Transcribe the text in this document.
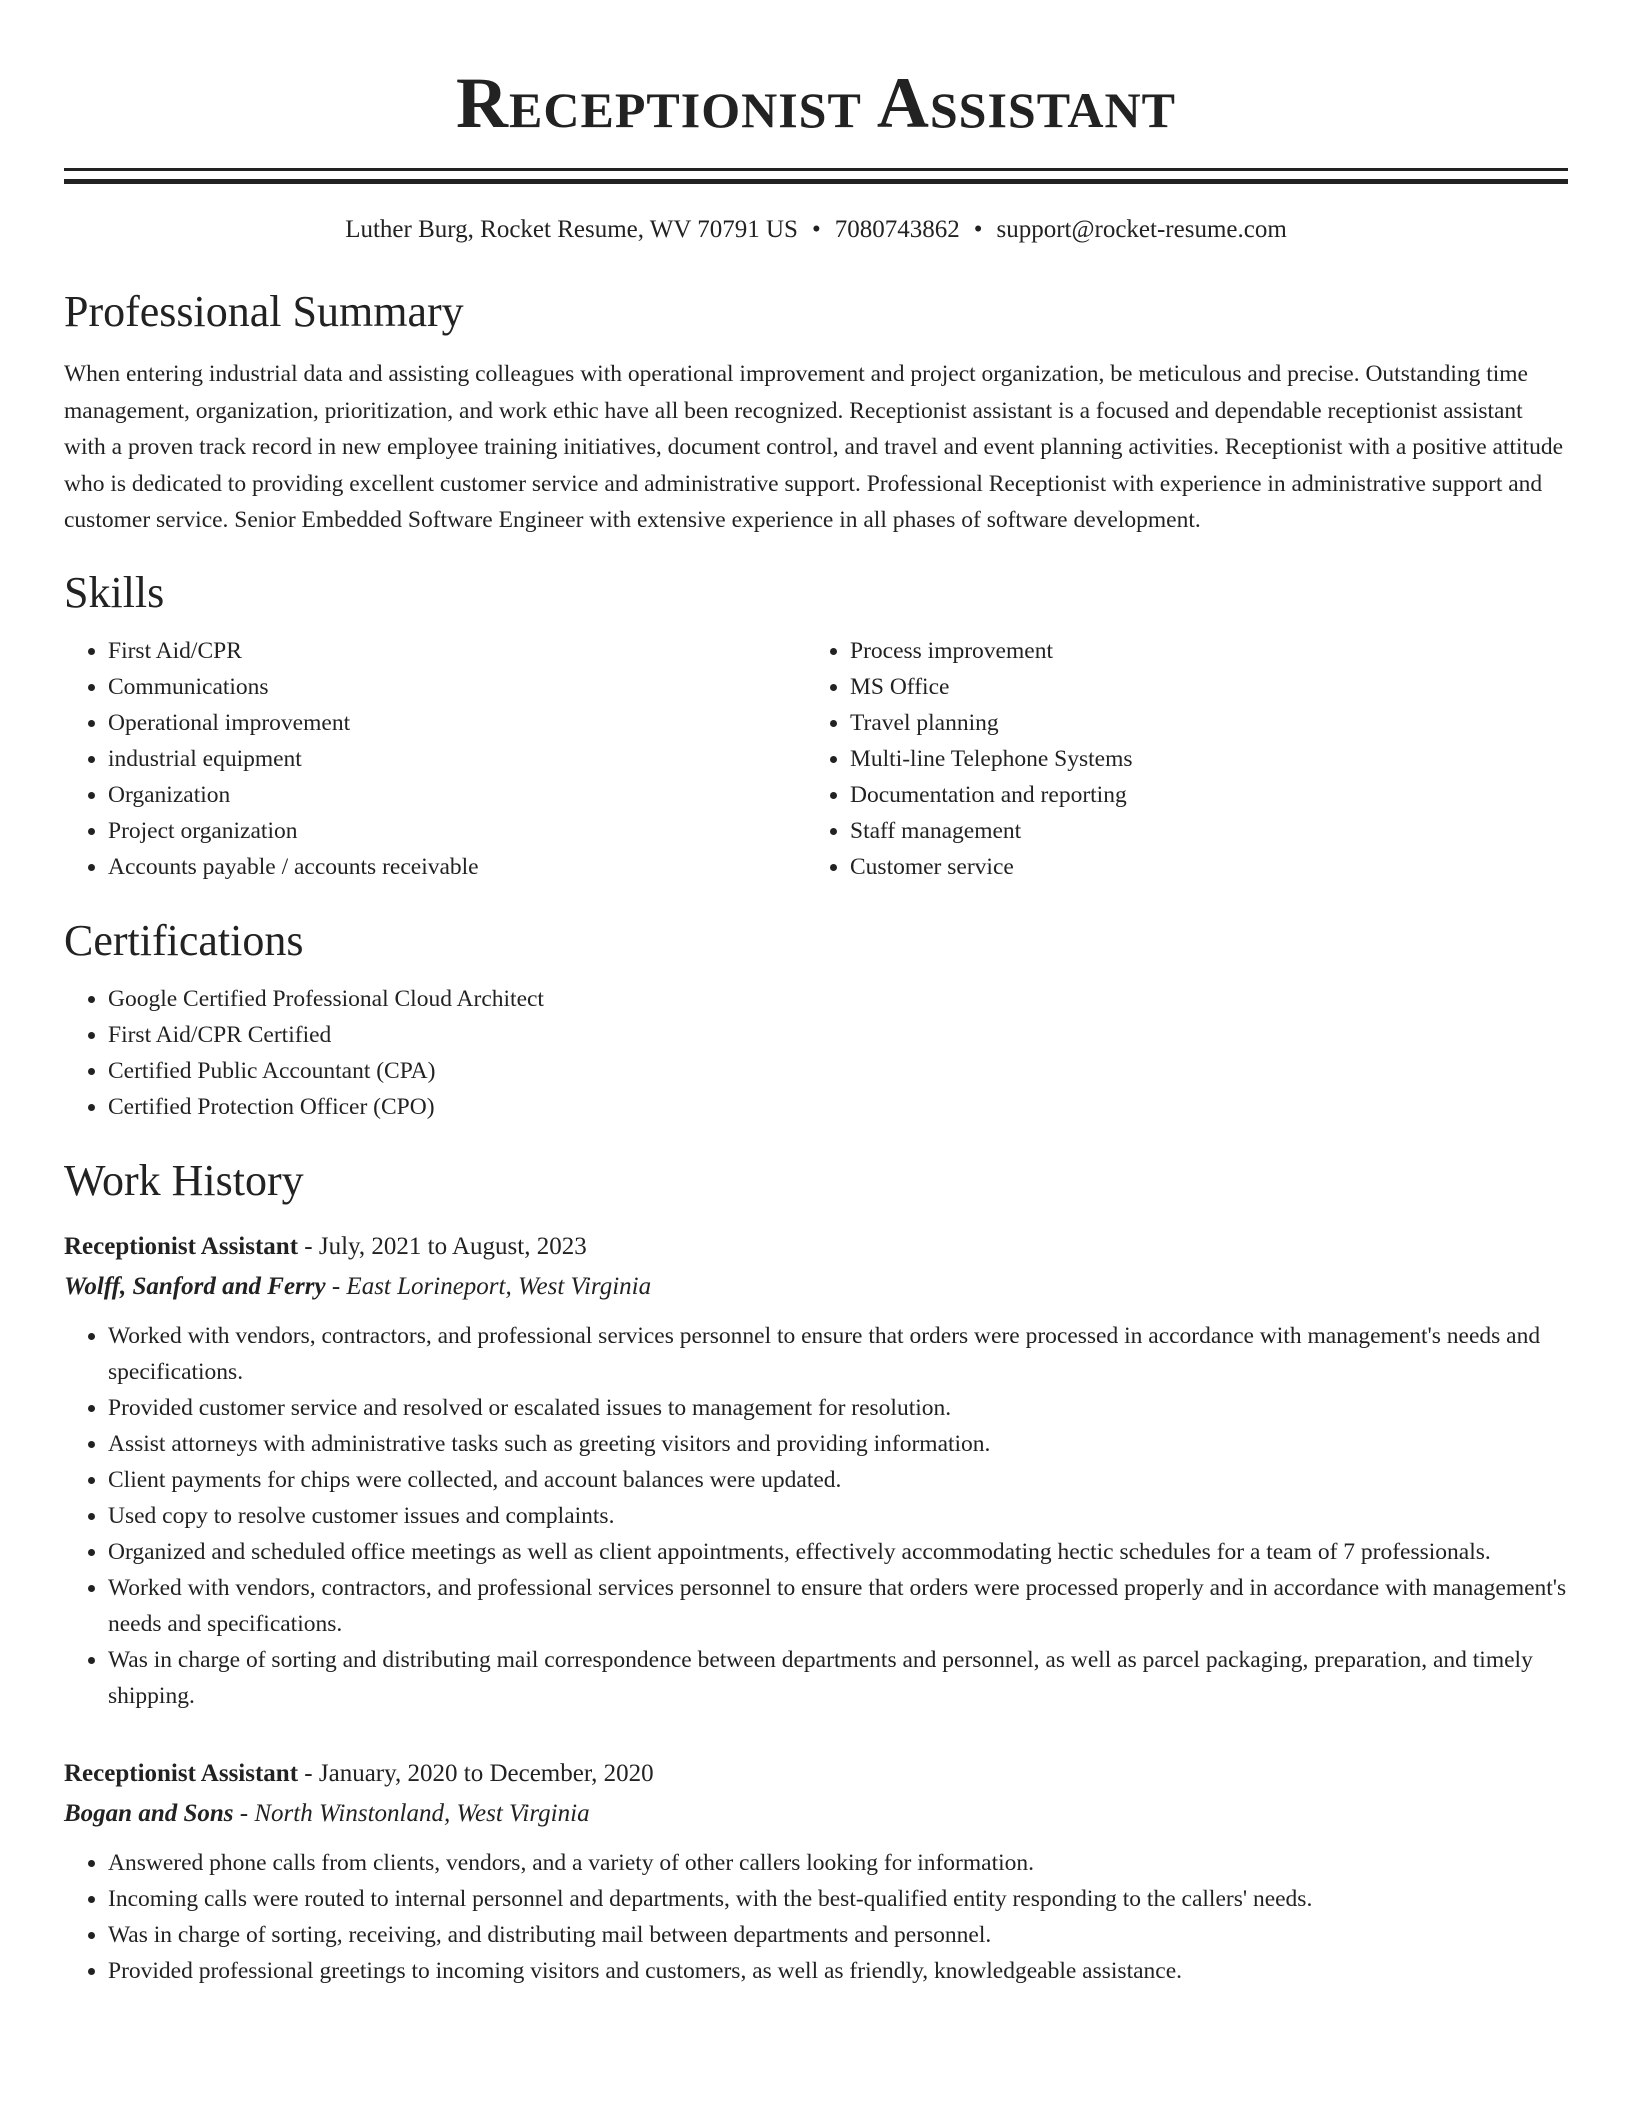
Receptionist Assistant
Luther Burg, Rocket Resume, WV 70791 US • 7080743862 • support@rocket-resume.com
Professional Summary

When entering industrial data and assisting colleagues with operational improvement and project organization, be meticulous and precise. Outstanding time management, organization, prioritization, and work ethic have all been recognized. Receptionist assistant is a focused and dependable receptionist assistant with a proven track record in new employee training initiatives, document control, and travel and event planning activities. Receptionist with a positive attitude who is dedicated to providing excellent customer service and administrative support. Professional Receptionist with experience in administrative support and customer service. Senior Embedded Software Engineer with extensive experience in all phases of software development.

Skills
• First Aid/CPR
• Communications
• Operational improvement
• industrial equipment
• Organization
• Project organization
• Accounts payable / accounts receivable
• Process improvement
• MS Office
• Travel planning
• Multi-line Telephone Systems
• Documentation and reporting
• Staff management
• Customer service
Certifications
• Google Certified Professional Cloud Architect
• First Aid/CPR Certified
• Certified Public Accountant (CPA)
• Certified Protection Officer (CPO)
Work History
Receptionist Assistant - July, 2021 to August, 2023
Wolff, Sanford and Ferry - East Lorineport, West Virginia
• Worked with vendors, contractors, and professional services personnel to ensure that orders were processed in accordance with management's needs and specifications.
• Provided customer service and resolved or escalated issues to management for resolution.
• Assist attorneys with administrative tasks such as greeting visitors and providing information.
• Client payments for chips were collected, and account balances were updated.
• Used copy to resolve customer issues and complaints.
• Organized and scheduled office meetings as well as client appointments, effectively accommodating hectic schedules for a team of 7 professionals.
• Worked with vendors, contractors, and professional services personnel to ensure that orders were processed properly and in accordance with management's needs and specifications.
• Was in charge of sorting and distributing mail correspondence between departments and personnel, as well as parcel packaging, preparation, and timely shipping.
Receptionist Assistant - January, 2020 to December, 2020
Bogan and Sons - North Winstonland, West Virginia
• Answered phone calls from clients, vendors, and a variety of other callers looking for information.
• Incoming calls were routed to internal personnel and departments, with the best-qualified entity responding to the callers' needs.
• Was in charge of sorting, receiving, and distributing mail between departments and personnel.
• Provided professional greetings to incoming visitors and customers, as well as friendly, knowledgeable assistance.
